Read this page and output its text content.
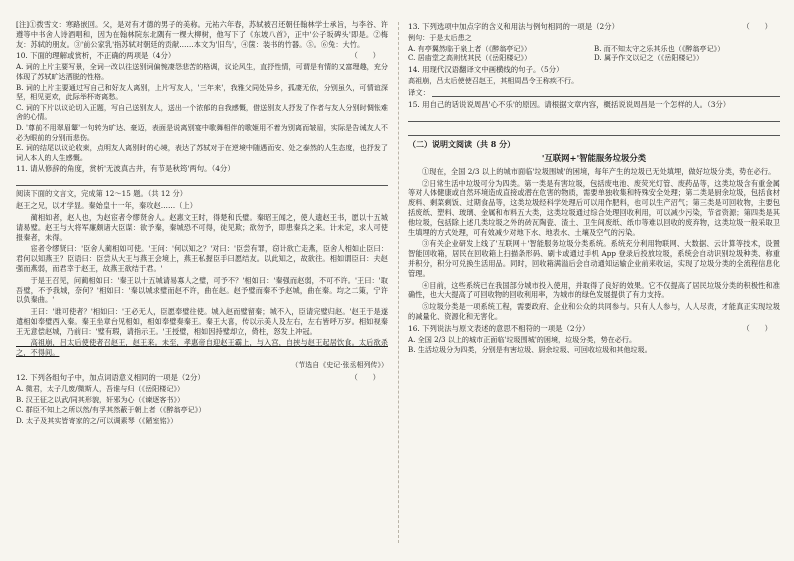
[注]①拨雪文：寒路嵌回。父，是对有才德的男子的美称。元祐六年春，苏轼被召还朝任翰林学士承旨，与李谷、许遵等中书舍人诗酒唱和，因为在翰林院东北隅有一棵大柳树，他写下了《东坡八首》，正中'公子坂碑头'即是。②梅友：苏轼的朋友。③'前公家乳'指苏轼对朝廷的贡献……本文为'旧鸟'，④箧：装书的竹器。⑤。⑥兔：大竹。

10. 下面的理解或赏析，不正确的两项是（4分）	（　　）

A. 词的上片主要写景，全词一改以往送别词偏惋凄怨悲苦的格调，议论风生，直抒性情，可谓是有情的又富理趣，充分体现了苏轼旷达洒脱的性格。

B. 词的上片主要通过写自己和好友人离别，上片写友人，'三年来'，我雅父同处异乡，孤凄无依，分别虽久，可情谊深坚，相见更欢，此际举杯寄离愁。

C. 词的下片以议论切入正题，写自己送别友人，送出一个浓郁的自我感慨，借送别友人抒发了作者与友人分别时惆怅难舍的心情。

D. '尊前不用翠眉颦'一句转为旷达、豪迈，表面是说离别宴中歌舞相伴的歌姬用不着为别离而皱眉，实际是告诫友人不必为眼前的分别而悲伤。

E. 词的结尾以议论收束，点明友人离别时的心境，表达了苏轼对于在逆境中随遇而安、处之泰然的人生态度，也抒发了词人本人的人生感慨。

11. 请从修辞的角度，赏析'无波真古井，有节是秋筠'两句。（4分）

阅读下面的文言文，完成第 12～15 题。（共 12 分）

赵王之兄，以才学显。秦始皇十一年，秦攻赵……（上）

　　蔺相如者，赵人也，为赵宦者令缪贤舍人。赵惠文王时，得楚和氏璧。秦昭王闻之，使人遗赵王书，愿以十五城请易璧。赵王与大将军廉颇诸大臣谋：欲予秦，秦城恐不可得，徒见欺；欲勿予，即患秦兵之来。计未定，求人可使报秦者，未得。

　　宦者令缪贤曰：'臣舍人蔺相如可使。'王问：'何以知之？'对曰：'臣尝有罪，窃计欲亡走燕，臣舍人相如止臣曰：君何以知燕王？臣语曰：臣尝从大王与燕王会境上，燕王私握臣手曰愿结友。以此知之，故欲往。相如谓臣曰：夫赵强而燕弱，而君幸于赵王，故燕王欲结于君。'

　　于是王召见，问蔺相如曰：'秦王以十五城请易寡人之璧，可予不？'相如曰：'秦强而赵弱，不可不许。'王曰：'取吾璧，不予我城，奈何？'相如曰：'秦以城求璧而赵不许，曲在赵。赵予璧而秦不予赵城，曲在秦。均之二策，宁许以负秦曲。'

　　王曰：'谁可使者？'相如曰：'王必无人，臣愿奉璧往使。城入赵而璧留秦；城不入，臣请完璧归赵。'赵王于是遂遣相如奉璧西入秦。秦王坐章台见相如，相如奉璧奏秦王。秦王大喜，传以示美人及左右，左右皆呼万岁。相如视秦王无意偿赵城，乃前曰：'璧有瑕，请指示王。'王授璧，相如因持璧却立，倚柱，怒发上冲冠。

　　高祖崩，吕太后使使者召赵王，赵王来。未至，孝惠帝自迎赵王霸上，与入宫，自挟与赵王起居饮食。太后欲杀之，不得间。

（节选自《史记·张丞相列传》）

12. 下列各组句子中，加点词语意义相同的一项是（2分）	（　　）

A. 微君，太子几废/微斯人，吾谁与归（《岳阳楼记》）

B. 汉王征之以武/同其形貌，奸邪为心（《谏逐客书》）

C. 群臣不知上之所以然/有孚其然蔽于朝上者（《醉翁亭记》）

D. 太子及其实皆寄家的之/可以调素琴（《陋室铭》）

13. 下列选项中加点字的含义和用法与例句相同的一项是（2分）	（　　）

例句：于是太后患之

A. 有亭翼然临于泉上者（《醉翁亭记》）	B. 而不知太守之乐其乐也（《醉翁亭记》）
C. 居庙堂之高则忧其民（《岳阳楼记》）	D. 属予作文以记之（《岳阳楼记》）
14. 用现代汉语翻译文中画横线的句子。（5分）

高祖崩，吕太后使使召赵王，其相周昌令王称疾不行。

译文：
15. 用自己的话说说周昌'心不乐'的原因。请根据文章内容，概括说说周昌是一个怎样的人。（3分）
（二）说明文阅读（共 8 分）
'互联网+'智能服务垃圾分类

①现在，全国 2/3 以上的城市面临'垃圾围城'的困境，每年产生的垃圾已无处填埋，做好垃圾分类，势在必行。

②日常生活中垃圾可分为四类。第一类是有害垃圾，包括废电池、废荧光灯管、废药品等，这类垃圾含有重金属等对人体健康或自然环境造成直接或潜在危害的物质，需要单独收集和特殊安全处理；第二类是厨余垃圾，包括食材废料、剩菜剩饭、过期食品等，这类垃圾经科学处理后可以用作肥料，也可以生产沼气；第三类是可回收物，主要包括废纸、塑料、玻璃、金属和布料五大类，这类垃圾通过综合处理回收利用，可以减少污染，节省资源；第四类是其他垃圾，包括除上述几类垃圾之外的砖瓦陶瓷、渣土、卫生间废纸、纸巾等难以回收的废弃物，这类垃圾一般采取卫生填埋的方式处理，可有效减少对地下水、地表水、土壤及空气的污染。

③有关企业研发上线了'互联网＋'智能服务垃圾分类系统。系统充分利用物联网、大数据、云计算等技术，设置智能回收箱，居民在回收箱上扫描条形码、刷卡或通过手机 App 登录后投放垃圾，系统会自动识别垃圾种类、称重并积分，积分可兑换生活用品。同时，回收箱满溢后会自动通知运输企业前来收运，实现了垃圾分类的全流程信息化管理。

④目前，这些系统已在我国部分城市投入使用，并取得了良好的效果。它不仅提高了居民垃圾分类的积极性和准确性，也大大提高了可回收物的回收利用率，为城市的绿色发展提供了有力支持。

⑤垃圾分类是一项系统工程，需要政府、企业和公众的共同参与。只有人人参与，人人尽责，才能真正实现垃圾的减量化、资源化和无害化。

16. 下列说法与原文表述的意思不相符的一项是（2分）	（　　）

A. 全国 2/3 以上的城市正面临'垃圾围城'的困境，垃圾分类，势在必行。

B. 生活垃圾分为四类，分别是有害垃圾、厨余垃圾、可回收垃圾和其他垃圾。
